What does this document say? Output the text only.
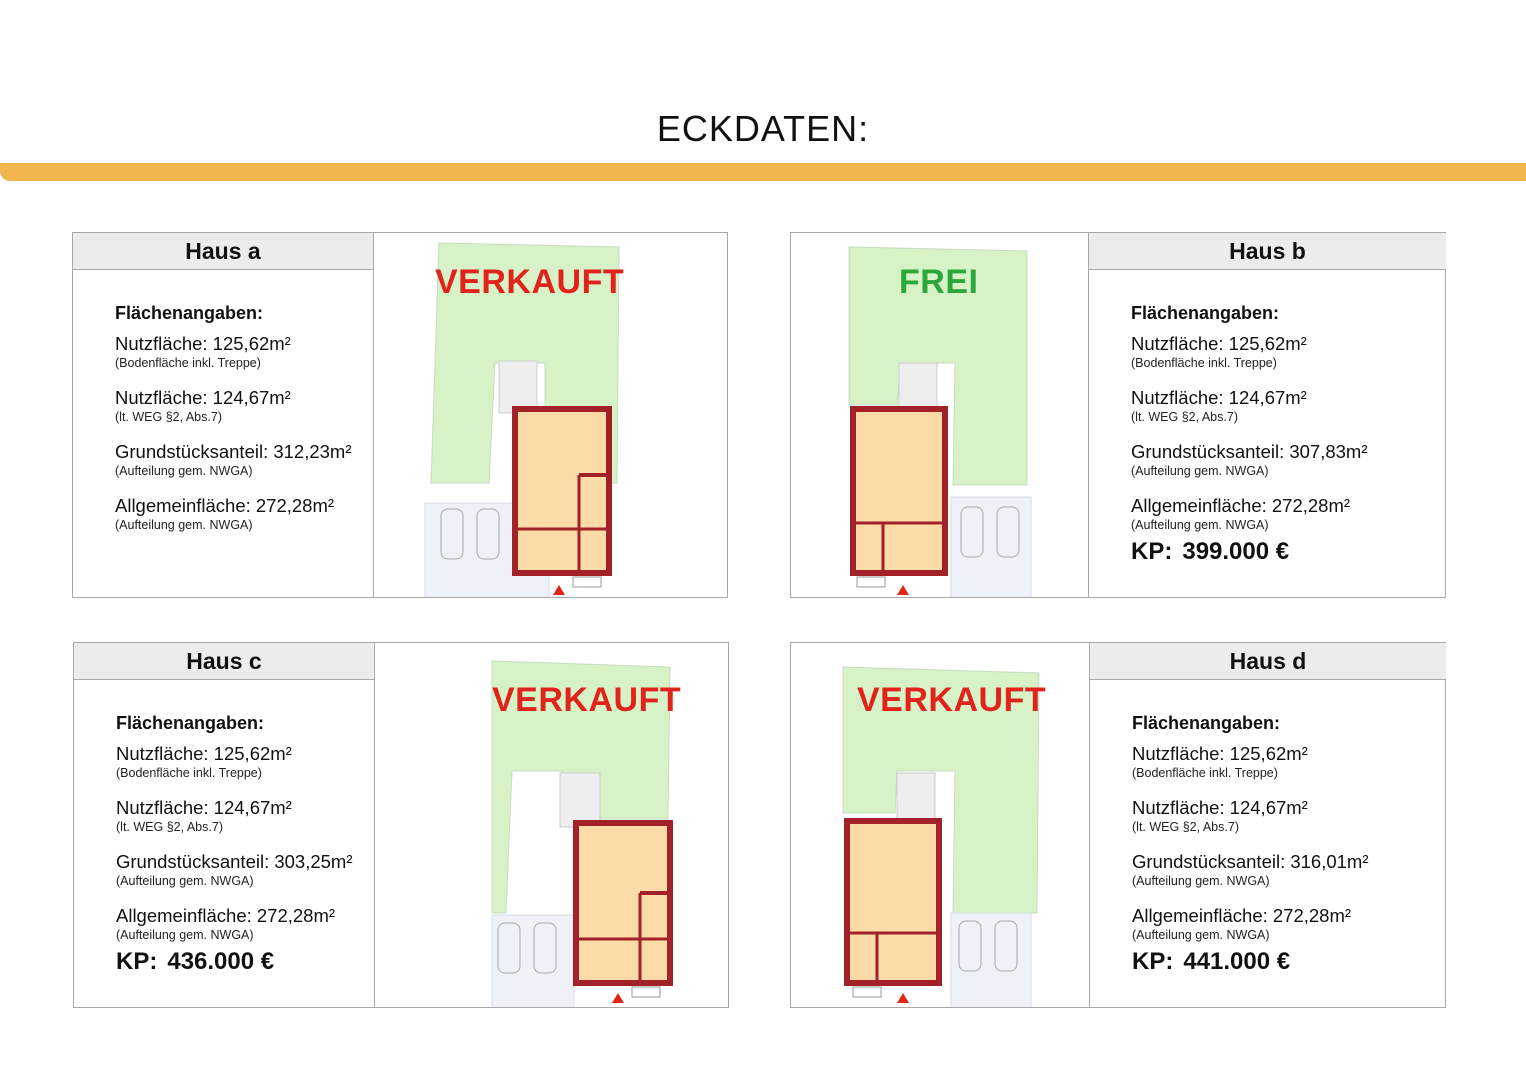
ECKDATEN:
Haus a
Flächenangaben:
Nutzfläche: 125,62m²
(Bodenfläche inkl. Treppe)
Nutzfläche: 124,67m²
(lt. WEG §2, Abs.7)
Grundstücksanteil: 312,23m²
(Aufteilung gem. NWGA)
Allgemeinfläche: 272,28m²
(Aufteilung gem. NWGA)
VERKAUFT	FREI
Haus b
Flächenangaben:
Nutzfläche: 125,62m²
(Bodenfläche inkl. Treppe)
Nutzfläche: 124,67m²
(lt. WEG §2, Abs.7)
Grundstücksanteil: 307,83m²
(Aufteilung gem. NWGA)
Allgemeinfläche: 272,28m²
(Aufteilung gem. NWGA)
KP: 399.000 €
Haus c
Flächenangaben:
Nutzfläche: 125,62m²
(Bodenfläche inkl. Treppe)
Nutzfläche: 124,67m²
(lt. WEG §2, Abs.7)
Grundstücksanteil: 303,25m²
(Aufteilung gem. NWGA)
Allgemeinfläche: 272,28m²
(Aufteilung gem. NWGA)
KP: 436.000 €
VERKAUFT	VERKAUFT
Haus d
Flächenangaben:
Nutzfläche: 125,62m²
(Bodenfläche inkl. Treppe)
Nutzfläche: 124,67m²
(lt. WEG §2, Abs.7)
Grundstücksanteil: 316,01m²
(Aufteilung gem. NWGA)
Allgemeinfläche: 272,28m²
(Aufteilung gem. NWGA)
KP: 441.000 €
